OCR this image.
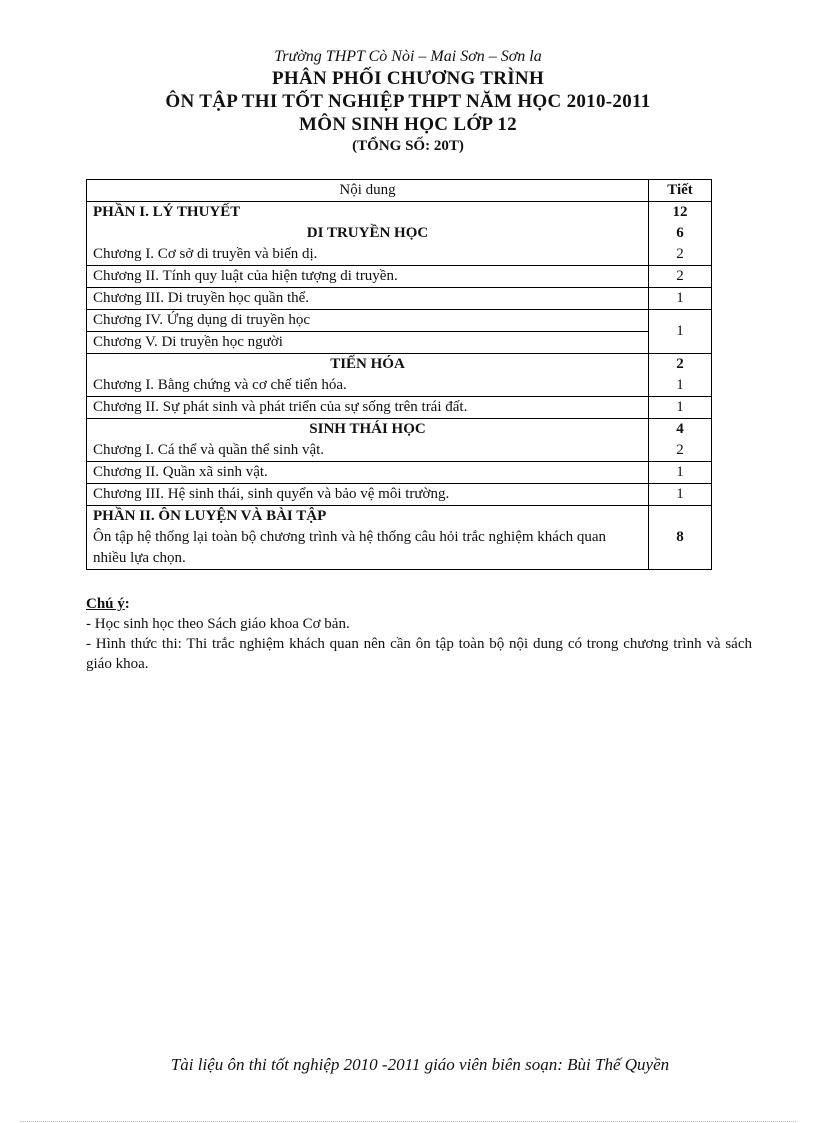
Trường THPT Cò Nòi – Mai Sơn – Sơn la
PHÂN PHỐI CHƯƠNG TRÌNH
ÔN TẬP THI TỐT NGHIỆP THPT NĂM HỌC 2010-2011
MÔN SINH HỌC LỚP 12
(TỔNG SỐ: 20T)
Nội dung	Tiết
PHẦN I. LÝ THUYẾT	12
DI TRUYỀN HỌC	6
Chương I. Cơ sở di truyền và biến dị.	2
Chương II. Tính quy luật của hiện tượng di truyền.	2
Chương III. Di truyền học quần thể.	1
Chương IV. Ứng dụng di truyền học	1
Chương V. Di truyền học người	
TIẾN HÓA	2
Chương I. Bằng chứng và cơ chế tiến hóa.	1
Chương II. Sự phát sinh và phát triển của sự sống trên trái đất.	1
SINH THÁI HỌC	4
Chương I. Cá thể và quần thể sinh vật.	2
Chương II. Quần xã sinh vật.	1
Chương III. Hệ sinh thái, sinh quyển và bảo vệ môi trường.	1

PHẦN II. ÔN LUYỆN VÀ BÀI TẬP
Ôn tập hệ thống lại toàn bộ chương trình và hệ thống câu hỏi trắc nghiệm khách quan nhiều lựa chọn.	8
Chú ý:
- Học sinh học theo Sách giáo khoa Cơ bản.
- Hình thức thi: Thi trắc nghiệm khách quan nên cần ôn tập toàn bộ nội dung có trong chương trình và sách giáo khoa.
Tài liệu ôn thi tốt nghiệp 2010 -2011 giáo viên biên soạn: Bùi Thế Quyền
